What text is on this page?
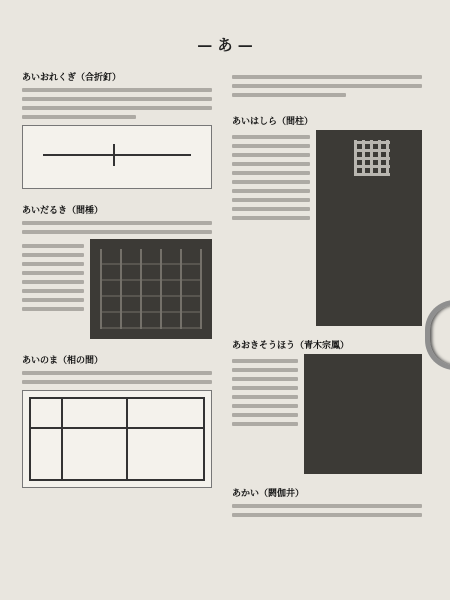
— あ —
あいおれくぎ（合折釘）
あいだるき（間棰）
あいのま（相の間）
あいはしら（間柱）
あおきそうほう（青木宗鳳）
あかい（閼伽井）
